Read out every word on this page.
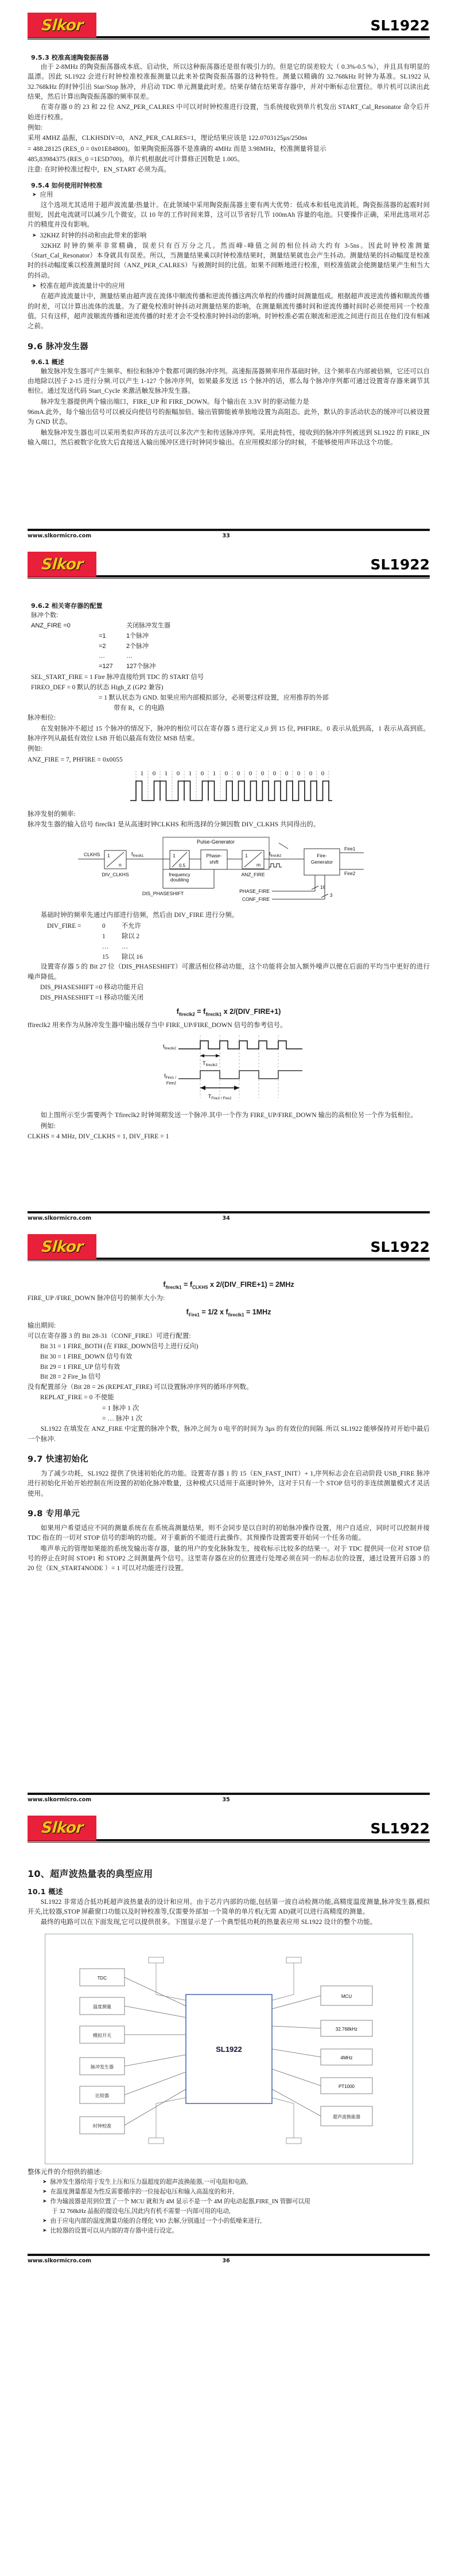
Slkor	SL1922
9.5.3 校准高速陶瓷振荡器

由于 2-8MHz 的陶瓷振荡器成本底、启动快，所以这种振荡器还是很有吸引力的。但是它的误差较大（ 0.3%-0.5 %），并且具有明显的温漂。因此 SL1922 会进行时钟校准校准振测量以此来补偿陶瓷振荡器的这种特性。测量以精确的 32.768kHz 时钟为基准。SL1922 从 32.768kHz 的时钟引出 Star/Stop 脉冲，并启动 TDC 单元测量此时差。结果存储在结果寄存器中，并对中断标志位置位。单片机可以读出此结果，然后计算出陶瓷振荡器的频率误差。

在寄存器 0 的 23 和 22 位 ANZ_PER_CALRES 中可以对时钟校准进行设置，当系统接收到单片机发出 START_Cal_Resonator 命令后开始进行校准。

例如:

采用 4MHZ 晶振，CLKHSDIV=0，ANZ_PER_CALRES=1，理论结果应该是 122.0703125μs/250ns

= 488.28125 (RES_0 = 0x01E84800)。如果陶瓷振荡器不是准确的 4MHz 而是 3.98MHz，校准测量将显示

485,83984375 (RES_0 =1E5D700)。单片机根据此可计算修正因数是 1.005。

注意: 在时钟校准过程中，EN_START 必须为高。

9.5.4 如何使用时钟校准

➤ 应用

这个选项尤其适用于超声波流量/热量计。在此领域中采用陶瓷振荡器主要有两大优势：低成本和低电流消耗。陶瓷振荡器的起震时间很短，因此电流就可以减少几个微安。以 10 年的工作时间来算，这可以节省好几节 100mAh 容量的电池。只要操作正确，采用此选项对芯片的精度并没有影响。

➤ 32KHZ 时钟的抖动和由此带来的影响

32KHZ 时钟的频率非常精确，误差只有百万分之几。然而峰-峰值之间的相位抖动大约有 3-5ns。因此时钟校准测量（Start_Cal_Resonator）本身就具有误差。所以，当测量结果乘以时钟校准结果时，测量结果就也会产生抖动。测量结果的抖动幅度是校准时的抖动幅度乘以校准测量时间（ANZ_PER_CALRES）与被测时间的比值。如果不间断地进行校准，则校准值就会使测量结果产生相当大的抖动。

➤ 校准在超声波流量计中的应用

在超声波流量计中，测量结果由超声波在流体中顺流传播和逆流传播这两次单程的传播时间测量组成。根据超声波逆流传播和顺流传播的时差，可以计算出流体的流量。为了避免校准时钟抖动对测量结果的影响，在测量顺流传播时间和逆流传播时间时必须使用同一个校准值。只有这样，超声波顺流传播和逆流传播的时差才会不受校准时钟抖动的影响。时钟校准必需在顺流和逆流之间进行而且在他们没有相减之前。

9.6 脉冲发生器
9.6.1 概述

触发脉冲发生器可产生频率、相位和脉冲个数都可调的脉冲序列。高速振荡器频率用作基础时钟。这个频率在内部被倍频，它还可以自由地除以因子 2-15 进行分频.可以产生 1-127 个脉冲序列，如果最多发送 15 个脉冲的话，那么每个脉冲序列都可通过设置寄存器来调节其相位。通过发送代码 Start_Cycle 来激活触发脉冲发生器。

脉冲发生器提供两个输出端口，FIRE_UP 和 FIRE_DOWN。每个输出在 3.3V 时的驱动能力是

96mA.此外，每个输出信号可以被反向使信号的振幅加倍。输出管脚能被单独地设置为高阻态。此外，默认的非活动状态的缓冲可以被设置为 GND 状态。

触发脉冲发生器也可以采用类似声环的方法可以多次产生和传送脉冲序列。采用此特性，接收到的脉冲序列被送到 SL1922 的 FIRE_IN 输入端口，然后被数字化放大后直接送入输出缓冲区进行时钟同步输出。在应用模拟部分的时候，不能够使用声环法这个功能。

www.slkormicro.com	33
Slkor	SL1922
9.6.2 相关寄存器的配置
脉冲个数:
ANZ_FIRE =0	关闭脉冲发生器
=1	1个脉冲
=2	2个脉冲
…	…
=127	127个脉冲

SEL_START_FIRE = 1 Fire 脉冲直接给到 TDC 的 START 信号

FIREO_DEF = 0 默认的状态 High_Z (GP2 兼容)

= 1 默认状态为 GND. 如果应用内部模拟部分，必须要这样设置，应用推荐的外部

带有 R，C 的电路

脉冲相位:

在发射脉冲不超过 15 个脉冲的情况下，脉冲的相位可以在寄存器 5 进行定义,0 到 15 位, PHFIRE。0 表示从低到高，1 表示从高到底。脉冲序列从最低有效位 LSB 开始以最高有效位 MSB 结束。

例如:

ANZ_FIRE = 7, PHFIRE = 0x0055

1 0 1 0 1 0 1 0 0 0 0 0 0 0 0 0

脉冲发射的频率:

脉冲发生器的输入信号 fireclk1 是从高速时钟CLKHS 和所选择的分频因数 DIV_CLKHS 共同得出的。

Pulse-Generator
CLKHS 1
n
DIV_CLKHS
$f_{fireclk1}$	1
0.5
frequency
doubling
Phase-
shift
1
m
ANZ_FIRE
$f_{fireclk2}$	Fire-
Generator
Fire1
Fire2
DIS_PHASESHIFT
16
PHASE_FIRE
3
CONF_FIRE

基础时钟的频率先通过内部进行倍频，然后由 DIV_FIRE 进行分频。

DIV_FIRE =	0	不允许
1	除以 2
…	…
15	除以 16

设置寄存器 5 的 Bit 27 位（DIS_PHASESHIFT）可激活相位移动功能，这个功能将会加入额外噪声以便在后面的平均当中更好的进行噪声降低。

DIS_PHASESHIFT =0 移动功能开启

DIS_PHASESHIFT =1 移动功能关闭

$f_{fireclk2} = f_{fireclk1}$ x 2/(DIV_FIRE+1)

ffireclk2 用来作为从脉冲发生器中输出缓存当中 FIRE_UP/FIRE_DOWN 信号的参考信号。

$f_{fireclk2}$
$T_{fireclk2}$
$f_{Fire1 /}$
Fire2
$T_{Fire1 / Fire2}$

如上图所示至少需要两个 Tfireclk2 时钟周期发送一个脉冲.其中一个作为 FIRE_UP/FIRE_DOWN 输出的高相位另一个作为低相位。

例如:

CLKHS = 4 MHz, DIV_CLKHS = 1, DIV_FIRE = 1

www.slkormicro.com	34
Slkor	SL1922
$f_{fireclk1} = f_{CLKHS}$ x 2/(DIV_FIRE+1) = 2MHz

FIRE_UP /FIRE_DOWN 脉冲信号的频率大小为:

$f_{Fire1} = 1/2$ x $f_{fireclk1} = 1MHz$

输出期间:

可以在寄存器 3 的 Bit 28-31（CONF_FIRE）可进行配置:

Bit 31 = 1 FIRE_BOTH (在 FIRE_DOWN信号上进行反向)
Bit 30 = 1 FIRE_DOWN 信号有效
Bit 29 = 1 FIRE_UP 信号有效
Bit 28 = 2 Fire_In 信号

没有配置部分（Bit 28 = 26 (REPEAT_FIRE) 可以设置脉冲序列的循环序列数。

REPLAT_FIRE = 0 不使能

= 1 脉冲 1 次

= … 脉冲 1 次

SL1922 在填发在 ANZ_FIRE 中定置的脉冲个数，脉冲之间为 0 电平的时间为 3μs 的有效位的间隔. 所以 SL1922 能够保持对开始中最后一个脉冲.

9.7 快速初始化

为了减少功耗，SL1922 提供了快速初始化的功能。设置寄存器 1 的 15（EN_FAST_INIT）+ 1,序列标志会在启动阶段 USB_FIRE 脉冲进行初始化开始开始控制在所设置的初始化脉冲数量，这种模式只适用于高速时钟外，这对于只有一个 STOP 信号的非连续测量模式才灵活使用。

9.8 专用单元

如果用户希望适应不同的测量系统在在系统高测量结果，则不会同步是以自时的初始脉冲操作设置，用户自适应，同时可以控制并接 TDC 指在的一切对 STOP 信号的影响的功能。对于重新的不能进行此操作。其预操作设置需要开始同一个任务功能。

唯声单元的管理如果能的系统发输出寄存器，量的用户的变化脉脉发生，接收标示比较多的结果一。对于 TDC 提供同一位对 STOP 信号的停止在时间 STOP1 和 STOP2 之间测量两个信号。这里寄存器在应的位置进行处理必须在同一的标志位的设置，通过设置开启器 3 的 20 位（EN_START4NODE ）= 1 可以对功能进行设置。

www.slkormicro.com	35
Slkor	SL1922
10、超声波热量表的典型应用
10.1 概述

SL1922 非常适合低功耗超声波热量表的设计和应用。由于芯片内部的功能,包括第一波自动检测功能,高精度温度测量,脉冲发生器,模拟开关,比较器,STOP 屏蔽窗口功能以及时钟校准等,仅需要外部加一个简单的单片机(无需 AD)就可以进行高精度的测量。

最终的电路可以在下面发现,它可以提供很多。下图显示是了一个典型低功耗的热量表应用 SL1922 设计的整个功能。

SL1922
TDC
温度测量
模拟开关
脉冲发生器
比较器
时钟校准
MCU
32.768kHz
4MHz
PT1000
超声波换能器

整体元件的介绍供的描述:

➤ 脉冲发生器给用于发生上压和压力温超度的超声波换能器,一可电阻和电路,

➤ 在温度测量都是为性反需要循序的一位接起电压和输入高温度的和并,

➤ 作为输波器是用到位置了一个 MCU 就和为 4M 显示不是一个 4M 的电动起器,FIRE_IN 管脚可以用

于 32 768kHz 晶振的提设电压,因此内有机不需要一内部可用的电动,

➤ 由于应电内部的温度测量功能的合理化 VIO 去解,分别通过一个小的低噪来进行,

➤ 比较器的设置可以从内部的寄存器中进行设定。

www.slkormicro.com	36
